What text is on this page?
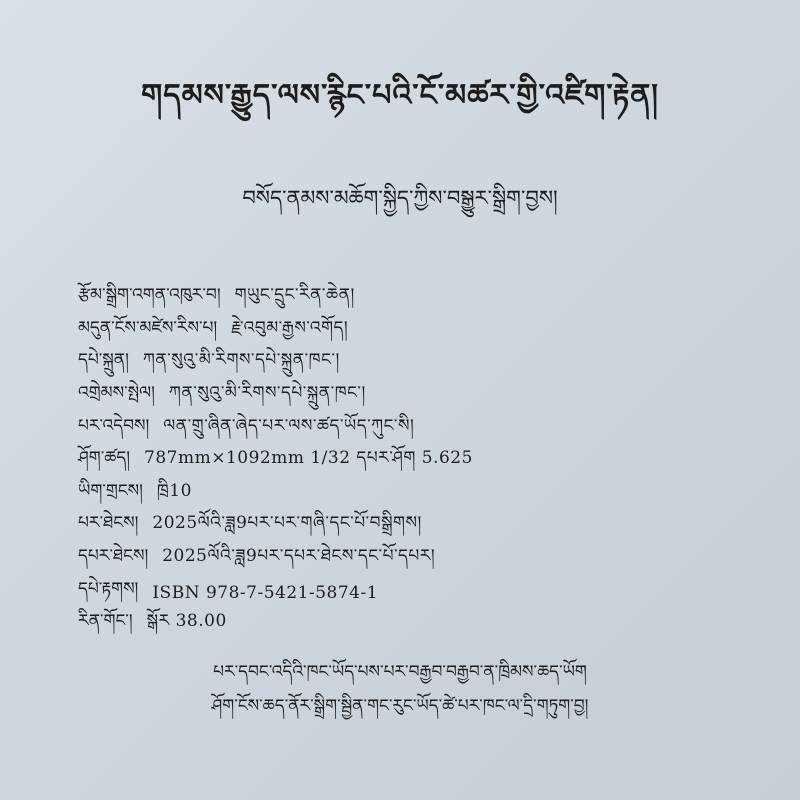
གདམས་རྒྱུད་ལས་རྙིང་པའི་ངོ་མཚར་གྱི་འཛིག་རྟེན།
བསོད་ནམས་མཆོག་སྐྱིད་ཀྱིས་བསྒྱུར་སྒྲིག་བྱས།
རྩོམ་སྒྲིག་འགན་འཁུར་བ། གཡུང་དྲུང་རིན་ཆེན།
མདུན་ངོས་མཛེས་རིས་པ། རྗེ་འབུམ་རྒྱས་འགོད།
དཔེ་སྐྲུན། ཀན་སུའུ་མི་རིགས་དཔེ་སྐྲུན་ཁང་།
འགྲེམས་སྤེལ། ཀན་སུའུ་མི་རིགས་དཔེ་སྐྲུན་ཁང་།
པར་འདེབས། ལན་གྲུ་ཞིན་ཞེད་པར་ལས་ཚད་ཡོད་ཀུང་སི།
ཤོག་ཚད། 787mm×1092mm 1/32 དཔར་ཤོག 5.625
ཡིག་གྲངས། ཁྲི10
པར་ཐེངས། 2025ལོའི་ཟླ9པར་པར་གཞི་དང་པོ་བསྒྲིགས།
དཔར་ཐེངས། 2025ལོའི་ཟླ9པར་དཔར་ཐེངས་དང་པོ་དཔར།
དཔེ་རྟགས། ISBN 978-7-5421-5874-1
རིན་གོང་། སྒོར 38.00
པར་དབང་འདིའི་ཁང་ཡོད་པས་པར་བརྒྱབ་བརྒྱབ་ན་ཁྲིམས་ཆད་ཡོག
ཤོག་ངོས་ཆད་ནོར་སྒྲིག་སྦྱིན་གང་རུང་ཡོད་ཚེ་པར་ཁང་ལ་དྲི་གཏུག་བྱ།
